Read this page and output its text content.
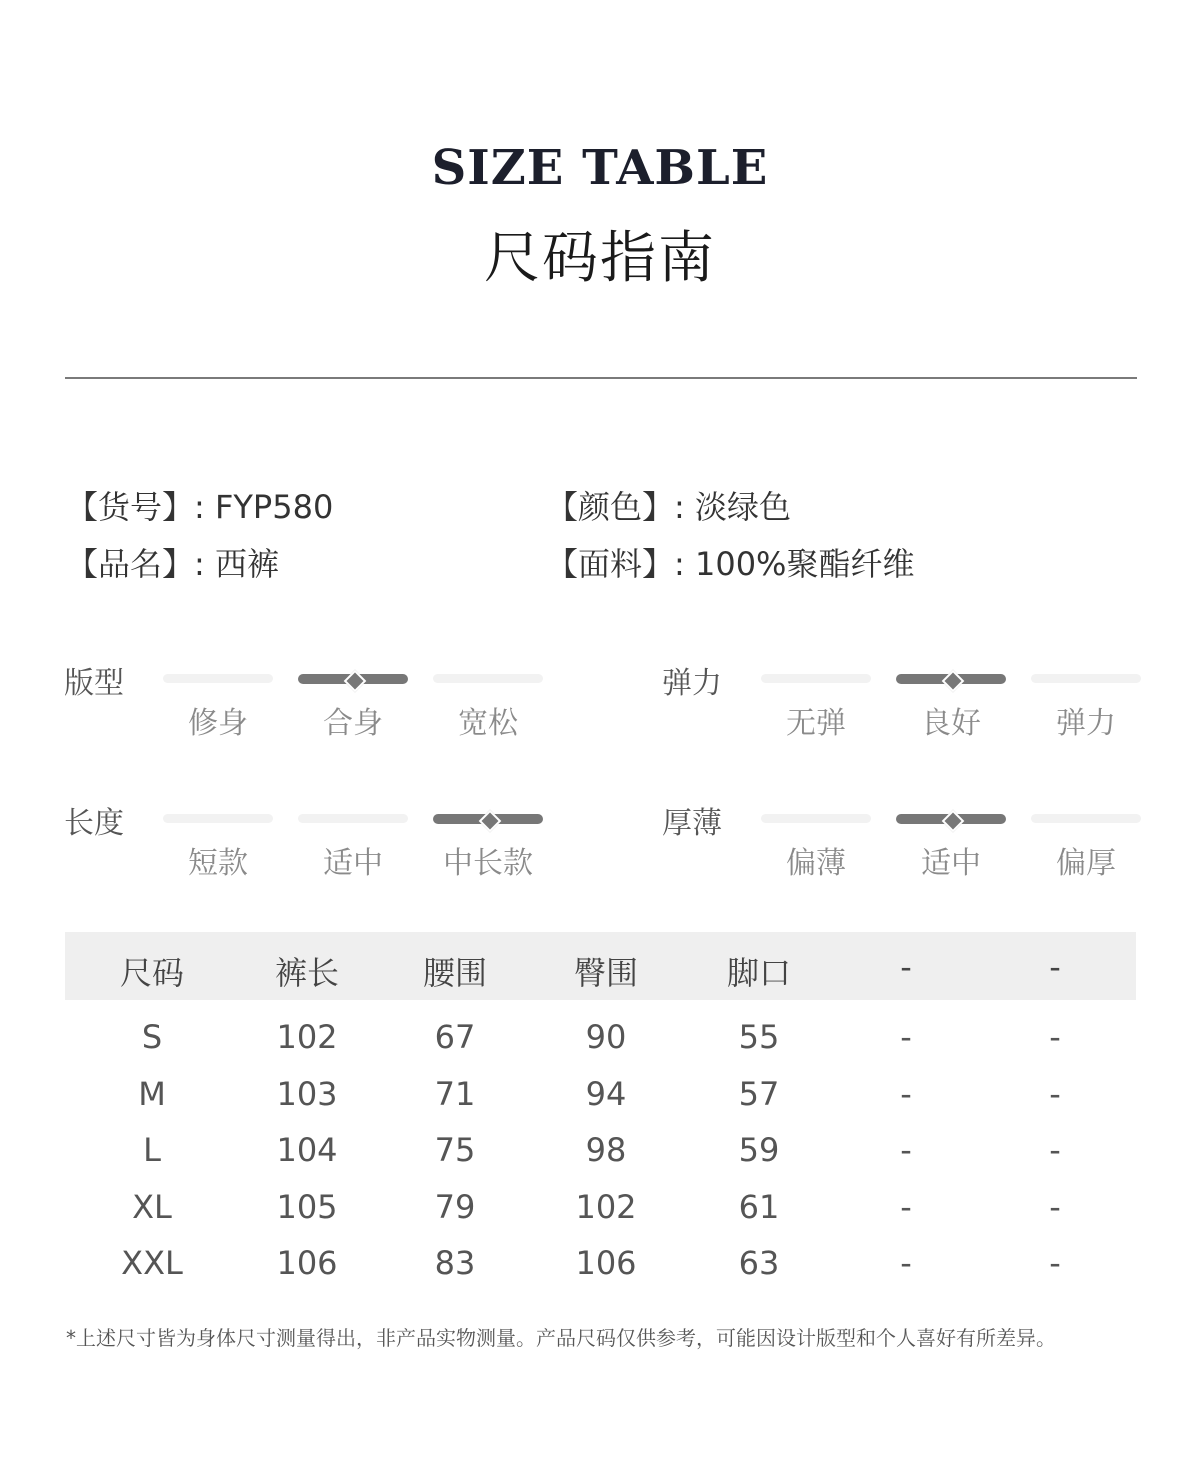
SIZE TABLE
尺码指南
【货号】: FYP580	【颜色】: 淡绿色
【品名】: 西裤	【面料】: 100%聚酯纤维
版型
修身	合身	宽松
弹力
无弹	良好	弹力
长度
短款	适中	中长款
厚薄
偏薄	适中	偏厚
尺码	裤长	腰围	臀围	脚口	-	-
S	102	67	90	55	-	-
M	103	71	94	57	-	-
L	104	75	98	59	-	-
XL	105	79	102	61	-	-
XXL	106	83	106	63	-	-
*上述尺寸皆为身体尺寸测量得出，非产品实物测量。产品尺码仅供参考，可能因设计版型和个人喜好有所差异。
